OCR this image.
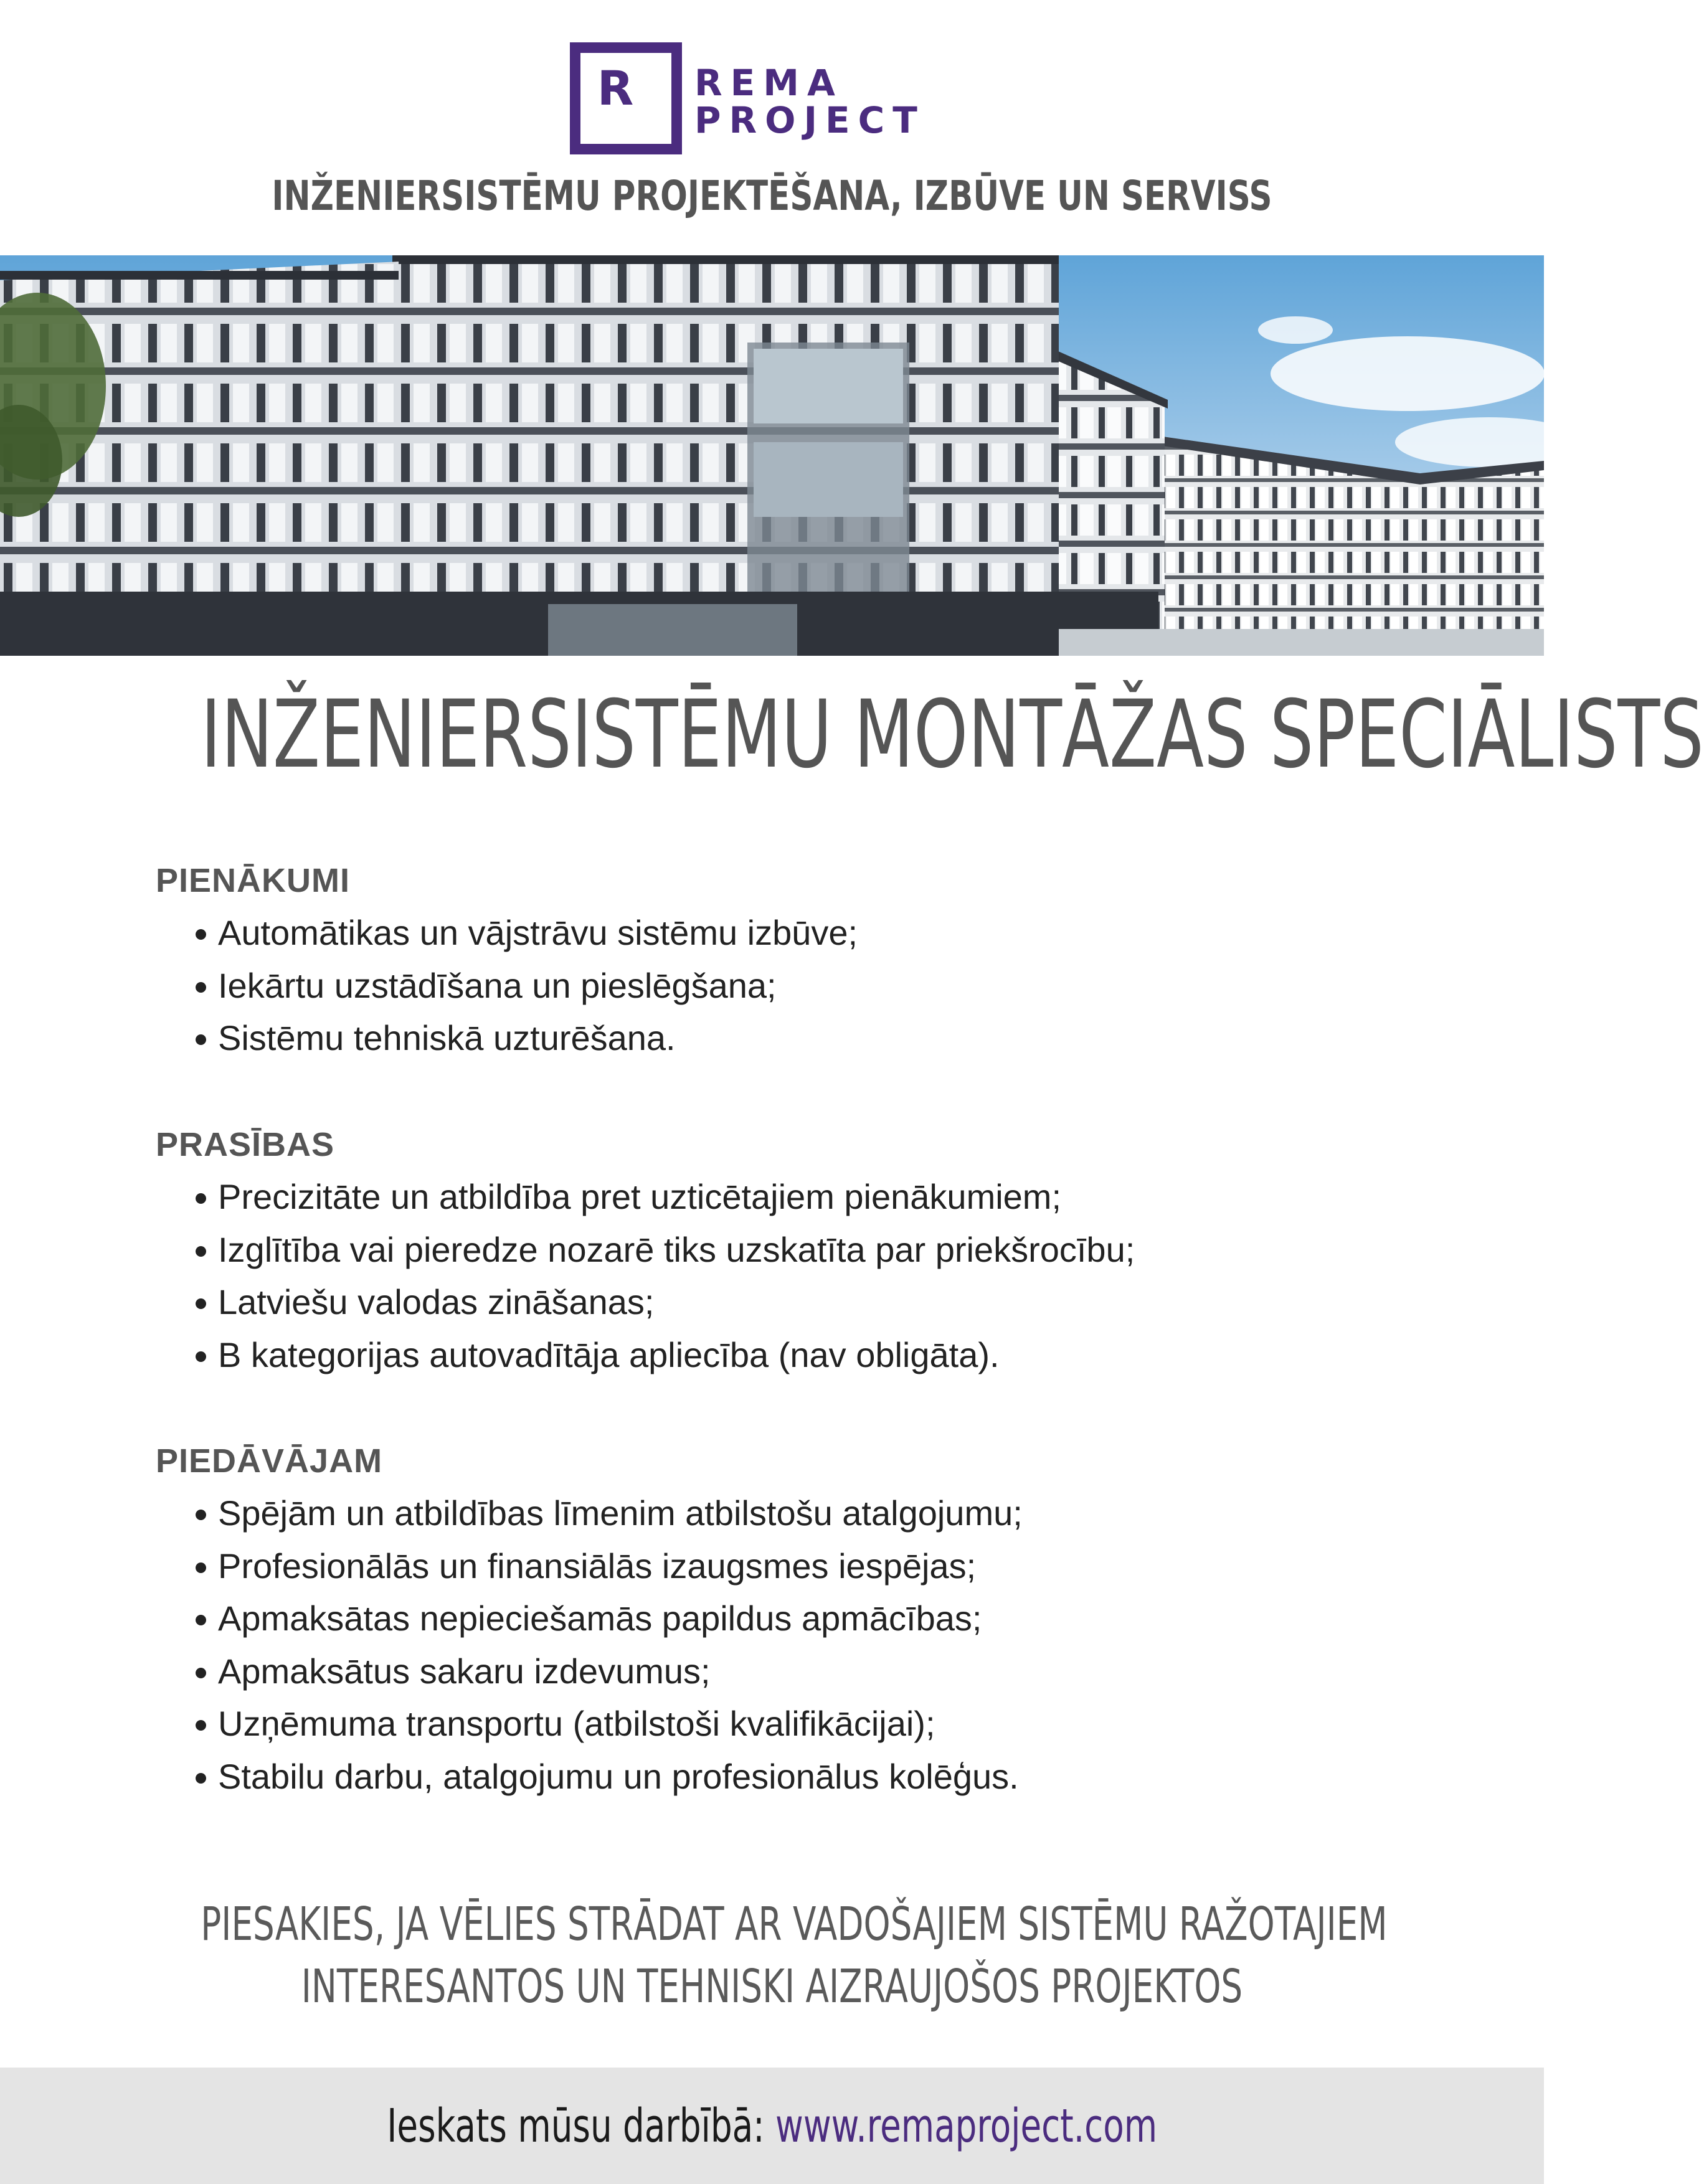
R	REMA
PROJECT
INŽENIERSISTĒMU PROJEKTĒŠANA, IZBŪVE UN SERVISS
INŽENIERSISTĒMU MONTĀŽAS SPECIĀLISTS
PIENĀKUMI
Automātikas un vājstrāvu sistēmu izbūve;
Iekārtu uzstādīšana un pieslēgšana;
Sistēmu tehniskā uzturēšana.
PRASĪBAS
Precizitāte un atbildība pret uzticētajiem pienākumiem;
Izglītība vai pieredze nozarē tiks uzskatīta par priekšrocību;
Latviešu valodas zināšanas;
B kategorijas autovadītāja apliecība (nav obligāta).
PIEDĀVĀJAM
Spējām un atbildības līmenim atbilstošu atalgojumu;
Profesionālās un finansiālās izaugsmes iespējas;
Apmaksātas nepieciešamās papildus apmācības;
Apmaksātus sakaru izdevumus;
Uzņēmuma transportu (atbilstoši kvalifikācijai);
Stabilu darbu, atalgojumu un profesionālus kolēģus.
PIESAKIES, JA VĒLIES STRĀDAT AR VADOŠAJIEM SISTĒMU RAŽOTAJIEM
INTERESANTOS UN TEHNISKI AIZRAUJOŠOS PROJEKTOS
Ieskats mūsu darbībā: www.remaproject.com
